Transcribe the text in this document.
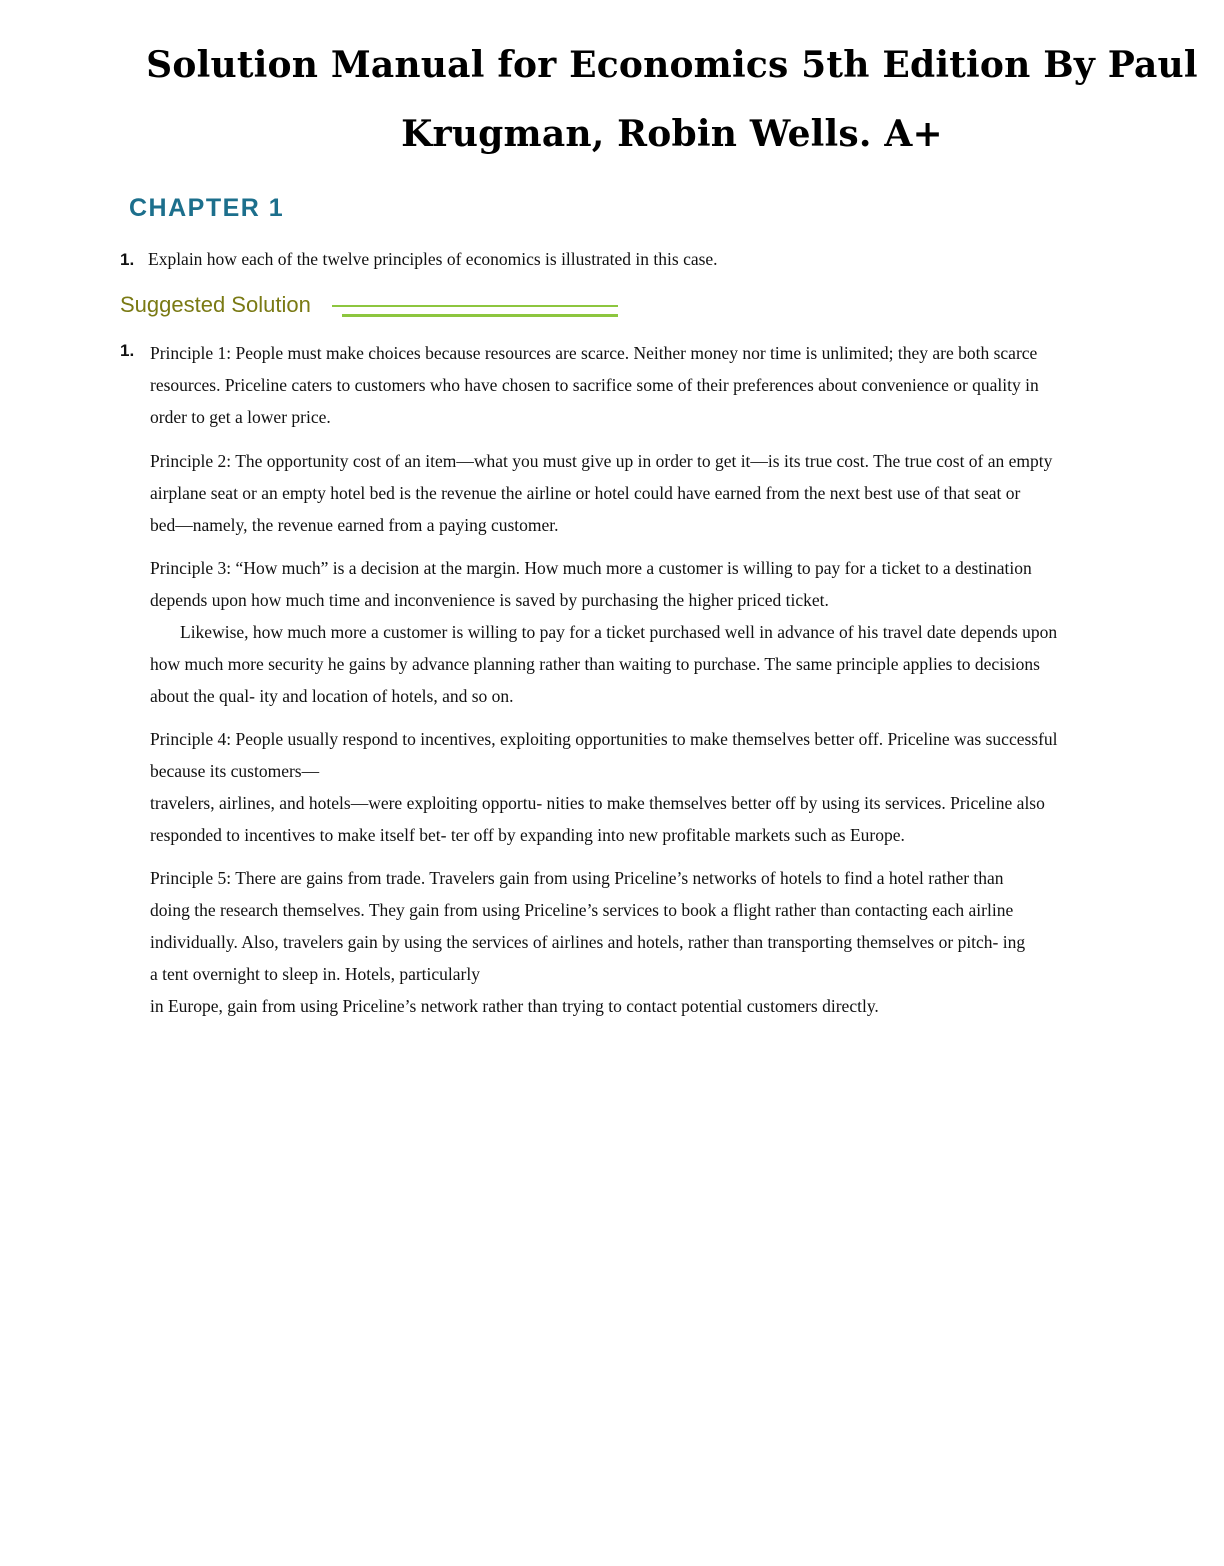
Solution Manual for Economics 5th Edition By Paul
Krugman, Robin Wells. A+
CHAPTER 1
1. Explain how each of the twelve principles of economics is illustrated in this case.
Suggested Solution
1. Principle 1: People must make choices because resources are scarce. Neither money nor time is unlimited; they are both scarce
resources. Priceline caters to customers who have chosen to sacrifice some of their preferences about convenience or quality in
order to get a lower price.
Principle 2: The opportunity cost of an item—what you must give up in order to get it—is its true cost. The true cost of an empty
airplane seat or an empty hotel bed is the revenue the airline or hotel could have earned from the next best use of that seat or
bed—namely, the revenue earned from a paying customer.
Principle 3: “How much” is a decision at the margin. How much more a customer is willing to pay for a ticket to a destination
depends upon how much time and inconvenience is saved by purchasing the higher priced ticket.
Likewise, how much more a customer is willing to pay for a ticket purchased well in advance of his travel date depends upon
how much more security he gains by advance planning rather than waiting to purchase. The same principle applies to decisions
about the qual- ity and location of hotels, and so on.
Principle 4: People usually respond to incentives, exploiting opportunities to make themselves better off. Priceline was successful
because its customers—
travelers, airlines, and hotels—were exploiting opportu- nities to make themselves better off by using its services. Priceline also
responded to incentives to make itself bet- ter off by expanding into new profitable markets such as Europe.
Principle 5: There are gains from trade. Travelers gain from using Priceline’s networks of hotels to find a hotel rather than
doing the research themselves. They gain from using Priceline’s services to book a flight rather than contacting each airline
individually. Also, travelers gain by using the services of airlines and hotels, rather than transporting themselves or pitch- ing
a tent overnight to sleep in. Hotels, particularly
in Europe, gain from using Priceline’s network rather than trying to contact potential customers directly.
